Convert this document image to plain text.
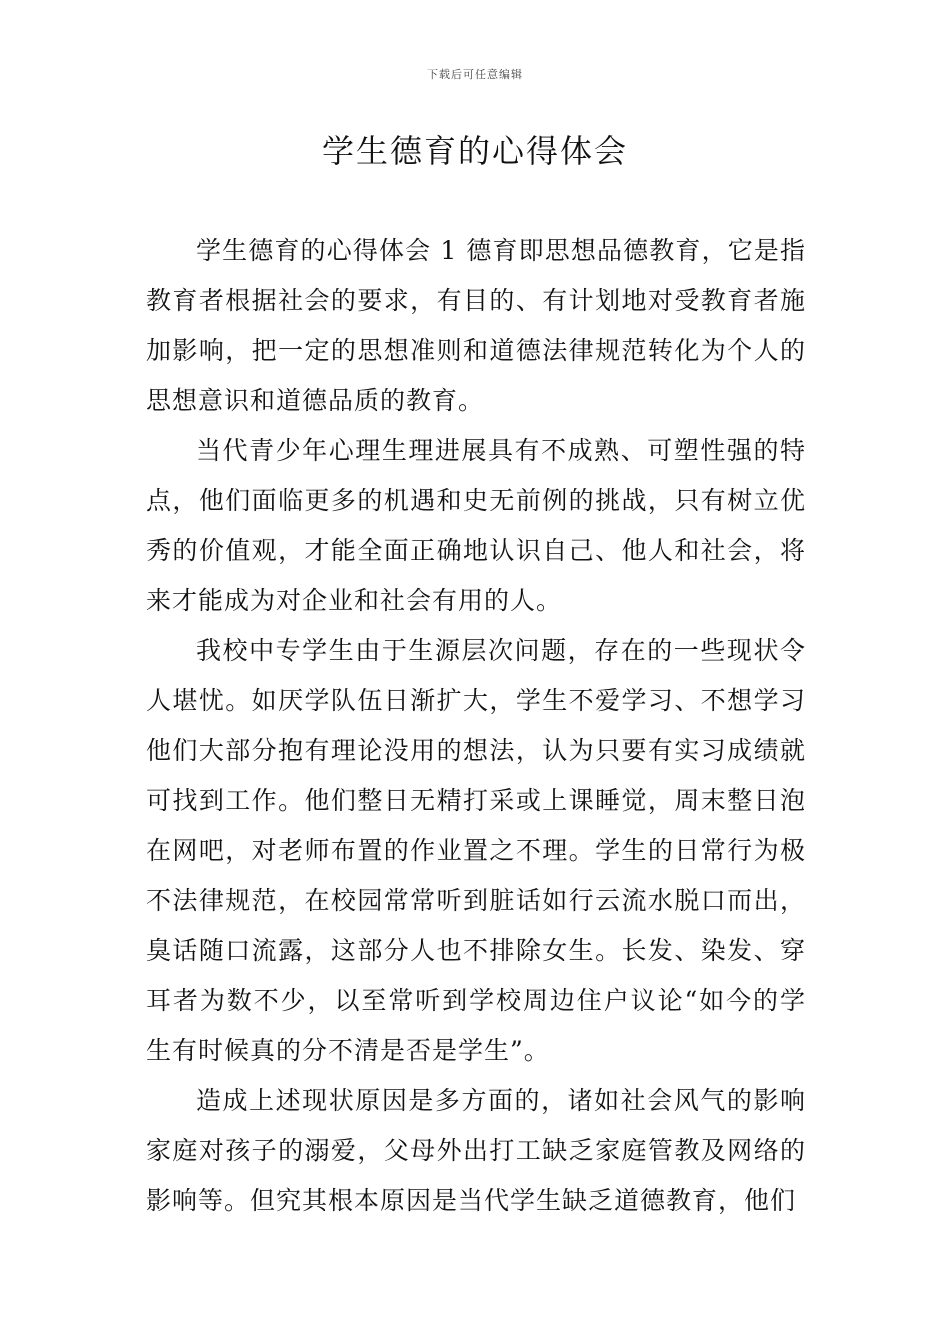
下载后可任意编辑
学生德育的心得体会

学生德育的心得体会 1 德育即思想品德教育，它是指教育者根据社会的要求，有目的、有计划地对受教育者施加影响，把一定的思想准则和道德法律规范转化为个人的思想意识和道德品质的教育。

当代青少年心理生理进展具有不成熟、可塑性强的特点，他们面临更多的机遇和史无前例的挑战，只有树立优秀的价值观，才能全面正确地认识自己、他人和社会，将来才能成为对企业和社会有用的人。

我校中专学生由于生源层次问题，存在的一些现状令人堪忧。如厌学队伍日渐扩大，学生不爱学习、不想学习他们大部分抱有理论没用的想法，认为只要有实习成绩就可找到工作。他们整日无精打采或上课睡觉，周末整日泡在网吧，对老师布置的作业置之不理。学生的日常行为极不法律规范，在校园常常听到脏话如行云流水脱口而出，臭话随口流露，这部分人也不排除女生。长发、染发、穿耳者为数不少，以至常听到学校周边住户议论“如今的学生有时候真的分不清是否是学生”。

造成上述现状原因是多方面的，诸如社会风气的影响家庭对孩子的溺爱，父母外出打工缺乏家庭管教及网络的影响等。但究其根本原因是当代学生缺乏道德教育，他们
